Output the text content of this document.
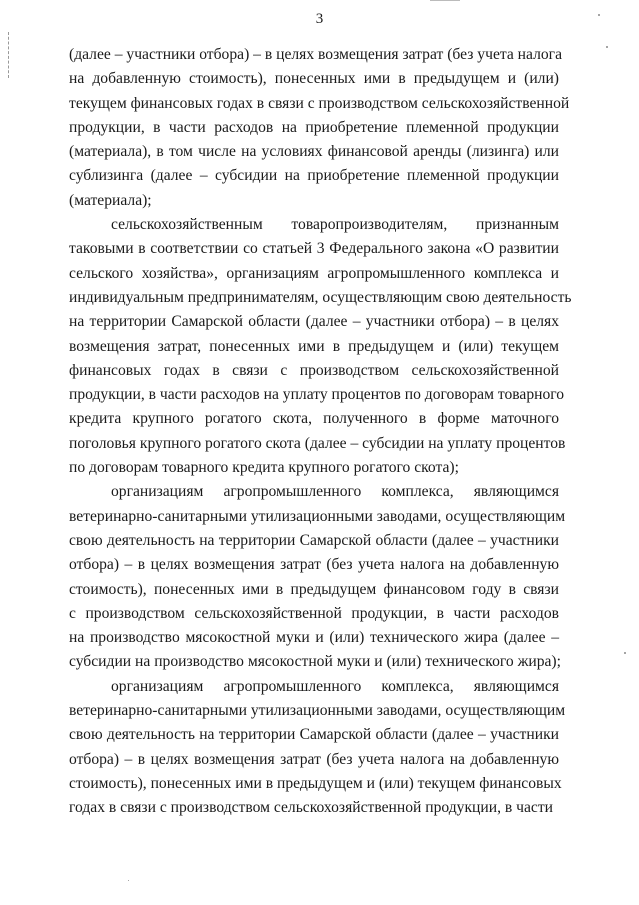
3
(далее – участники отбора) – в целях возмещения затрат (без учета налога
на добавленную стоимость), понесенных ими в предыдущем и (или)
текущем финансовых годах в связи с производством сельскохозяйственной
продукции, в части расходов на приобретение племенной продукции
(материала), в том числе на условиях финансовой аренды (лизинга) или
сублизинга (далее – субсидии на приобретение племенной продукции
(материала);
сельскохозяйственным товаропроизводителям, признанным
таковыми в соответствии со статьей 3 Федерального закона «О развитии
сельского хозяйства», организациям агропромышленного комплекса и
индивидуальным предпринимателям, осуществляющим свою деятельность
на территории Самарской области (далее – участники отбора) – в целях
возмещения затрат, понесенных ими в предыдущем и (или) текущем
финансовых годах в связи с производством сельскохозяйственной
продукции, в части расходов на уплату процентов по договорам товарного
кредита крупного рогатого скота, полученного в форме маточного
поголовья крупного рогатого скота (далее – субсидии на уплату процентов
по договорам товарного кредита крупного рогатого скота);
организациям агропромышленного комплекса, являющимся
ветеринарно-санитарными утилизационными заводами, осуществляющим
свою деятельность на территории Самарской области (далее – участники
отбора) – в целях возмещения затрат (без учета налога на добавленную
стоимость), понесенных ими в предыдущем финансовом году в связи
с производством сельскохозяйственной продукции, в части расходов
на производство мясокостной муки и (или) технического жира (далее –
субсидии на производство мясокостной муки и (или) технического жира);
организациям агропромышленного комплекса, являющимся
ветеринарно-санитарными утилизационными заводами, осуществляющим
свою деятельность на территории Самарской области (далее – участники
отбора) – в целях возмещения затрат (без учета налога на добавленную
стоимость), понесенных ими в предыдущем и (или) текущем финансовых
годах в связи с производством сельскохозяйственной продукции, в части
